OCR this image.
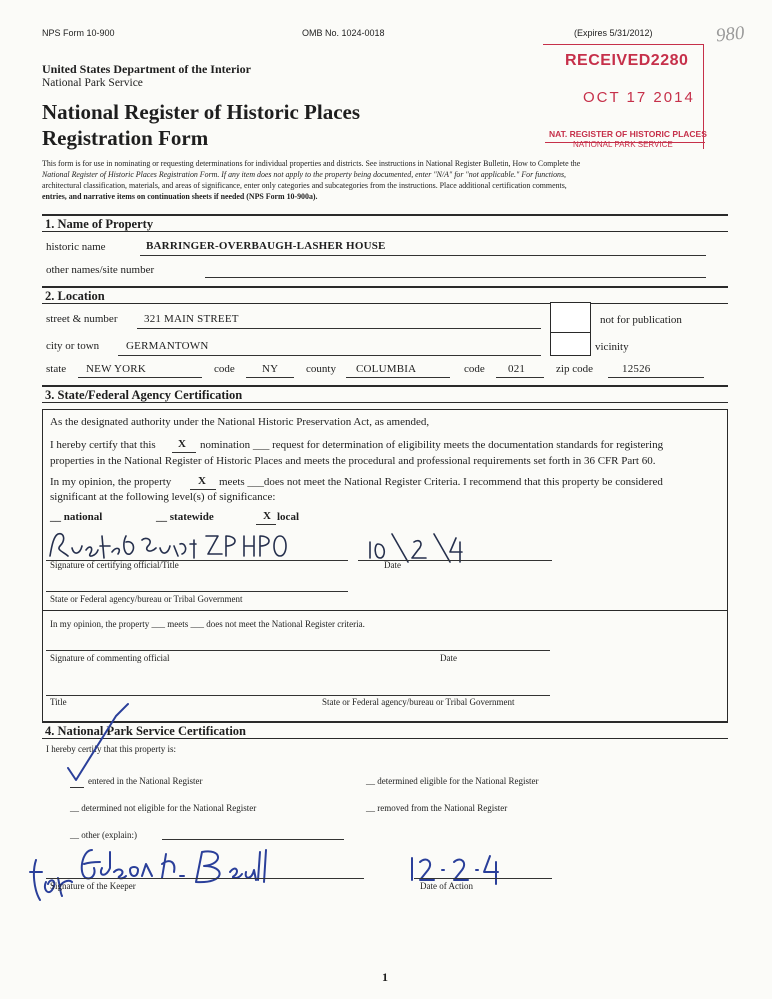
NPS Form 10-900	OMB No. 1024-0018	(Expires 5/31/2012)	980
United States Department of the Interior
National Park Service
National Register of Historic Places
Registration Form
RECEIVED2280
OCT 17 2014
NAT. REGISTER OF HISTORIC PLACES
NATIONAL PARK SERVICE
This form is for use in nominating or requesting determinations for individual properties and districts. See instructions in National Register Bulletin, How to Complete the
National Register of Historic Places Registration Form. If any item does not apply to the property being documented, enter "N/A" for "not applicable." For functions,
architectural classification, materials, and areas of significance, enter only categories and subcategories from the instructions. Place additional certification comments,
entries, and narrative items on continuation sheets if needed (NPS Form 10-900a).
1. Name of Property
historic name	BARRINGER-OVERBAUGH-LASHER HOUSE
other names/site number
2. Location
street & number 321 MAIN STREET	not for publication
city or town GERMANTOWN	vicinity
state NEW YORK	code NY	county COLUMBIA	code 021	zip code	12526
3. State/Federal Agency Certification
As the designated authority under the National Historic Preservation Act, as amended,
I hereby certify that this X nomination ___ request for determination of eligibility meets the documentation standards for registering
properties in the National Register of Historic Places and meets the procedural and professional requirements set forth in 36 CFR Part 60.
In my opinion, the property X meets ___does not meet the National Register Criteria. I recommend that this property be considered
significant at the following level(s) of significance:
__ national	__ statewide	X local
Signature of certifying official/Title	Date
State or Federal agency/bureau or Tribal Government
In my opinion, the property ___ meets ___ does not meet the National Register criteria.
Signature of commenting official	Date
Title	State or Federal agency/bureau or Tribal Government
4. National Park Service Certification
I hereby certify that this property is:
entered in the National Register	__ determined eligible for the National Register
__ determined not eligible for the National Register	__ removed from the National Register
__ other (explain:)
Signature of the Keeper	Date of Action
1
